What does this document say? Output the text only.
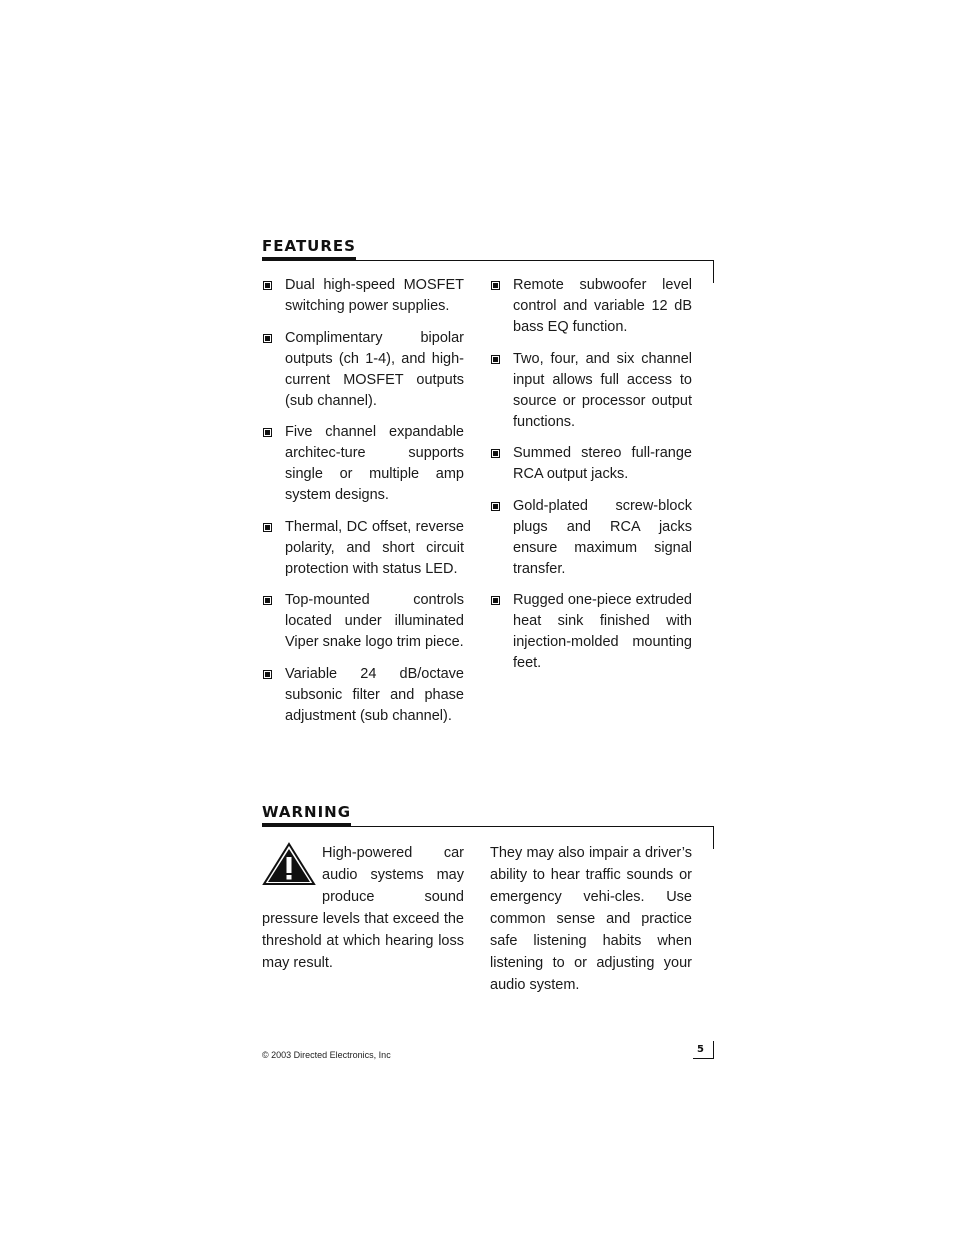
FEATURES
Dual high-speed MOSFET switching power supplies.
Complimentary bipolar outputs (ch 1-4), and high-current MOSFET outputs (sub channel).
Five channel expandable architec-ture supports single or multiple amp system designs.
Thermal, DC offset, reverse polarity, and short circuit protection with status LED.
Top-mounted controls located under illuminated Viper snake logo trim piece.
Variable 24 dB/octave subsonic filter and phase adjustment (sub channel).
Remote subwoofer level control and variable 12 dB bass EQ function.
Two, four, and six channel input allows full access to source or processor output functions.
Summed stereo full-range RCA output jacks.
Gold-plated screw-block plugs and RCA jacks ensure maximum signal transfer.
Rugged one-piece extruded heat sink finished with injection-molded mounting feet.
WARNING
High-powered car audio systems may produce sound pressure levels that exceed the threshold at which hearing loss may result.
They may also impair a driver’s ability to hear traffic sounds or emergency vehi-cles. Use common sense and practice safe listening habits when listening to or adjusting your audio system.
© 2003 Directed Electronics, Inc	5
